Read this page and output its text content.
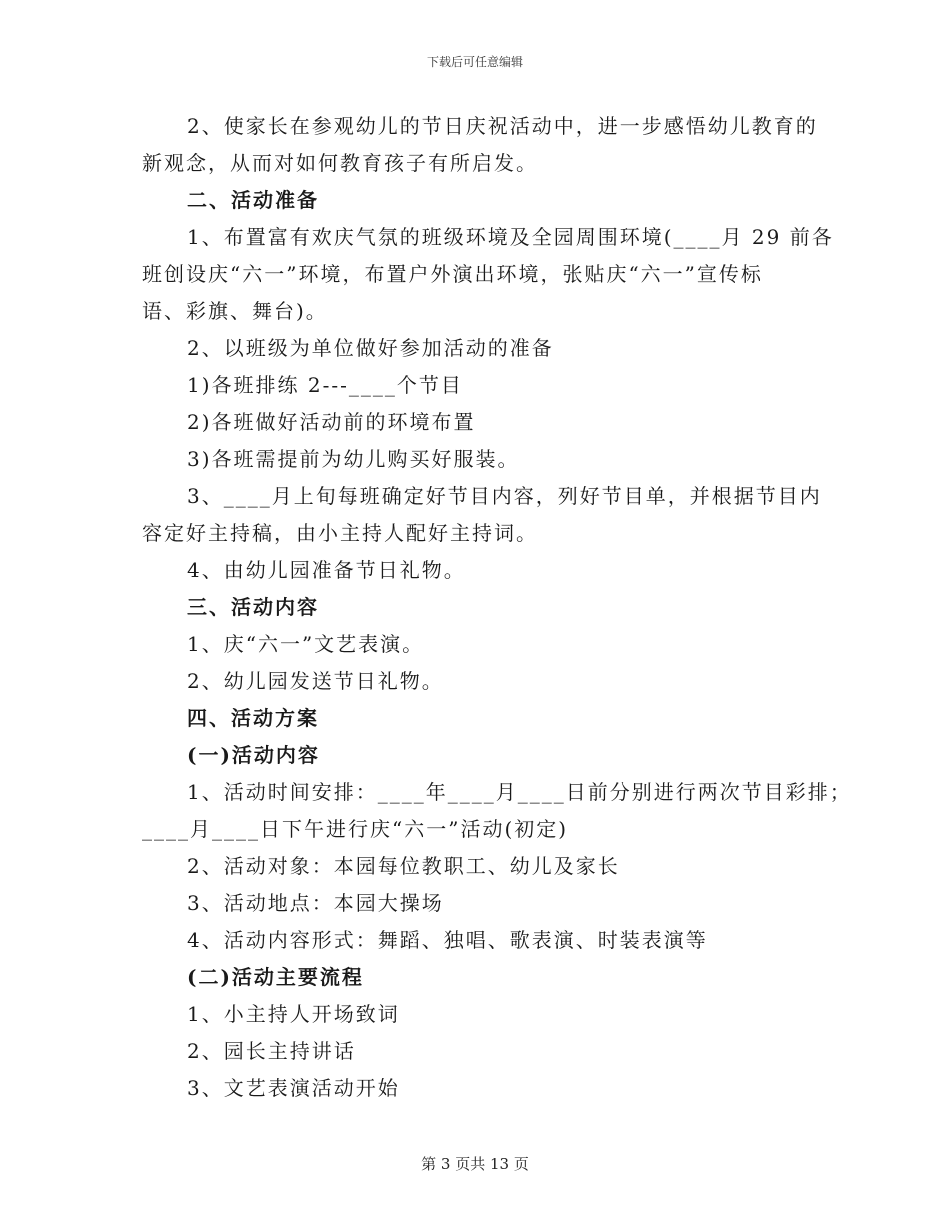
下载后可任意编辑
2、使家长在参观幼儿的节日庆祝活动中，进一步感悟幼儿教育的
新观念，从而对如何教育孩子有所启发。
二、活动准备
1、布置富有欢庆气氛的班级环境及全园周围环境(____月 29 前各
班创设庆“六一”环境，布置户外演出环境，张贴庆“六一”宣传标
语、彩旗、舞台)。
2、以班级为单位做好参加活动的准备
1)各班排练 2---____个节目
2)各班做好活动前的环境布置
3)各班需提前为幼儿购买好服装。
3、____月上旬每班确定好节目内容，列好节目单，并根据节目内
容定好主持稿，由小主持人配好主持词。
4、由幼儿园准备节日礼物。
三、活动内容
1、庆“六一”文艺表演。
2、幼儿园发送节日礼物。
四、活动方案
(一)活动内容
1、活动时间安排：____年____月____日前分别进行两次节目彩排；
____月____日下午进行庆“六一”活动(初定)
2、活动对象：本园每位教职工、幼儿及家长
3、活动地点：本园大操场
4、活动内容形式：舞蹈、独唱、歌表演、时装表演等
(二)活动主要流程
1、小主持人开场致词
2、园长主持讲话
3、文艺表演活动开始
第 3 页共 13 页
